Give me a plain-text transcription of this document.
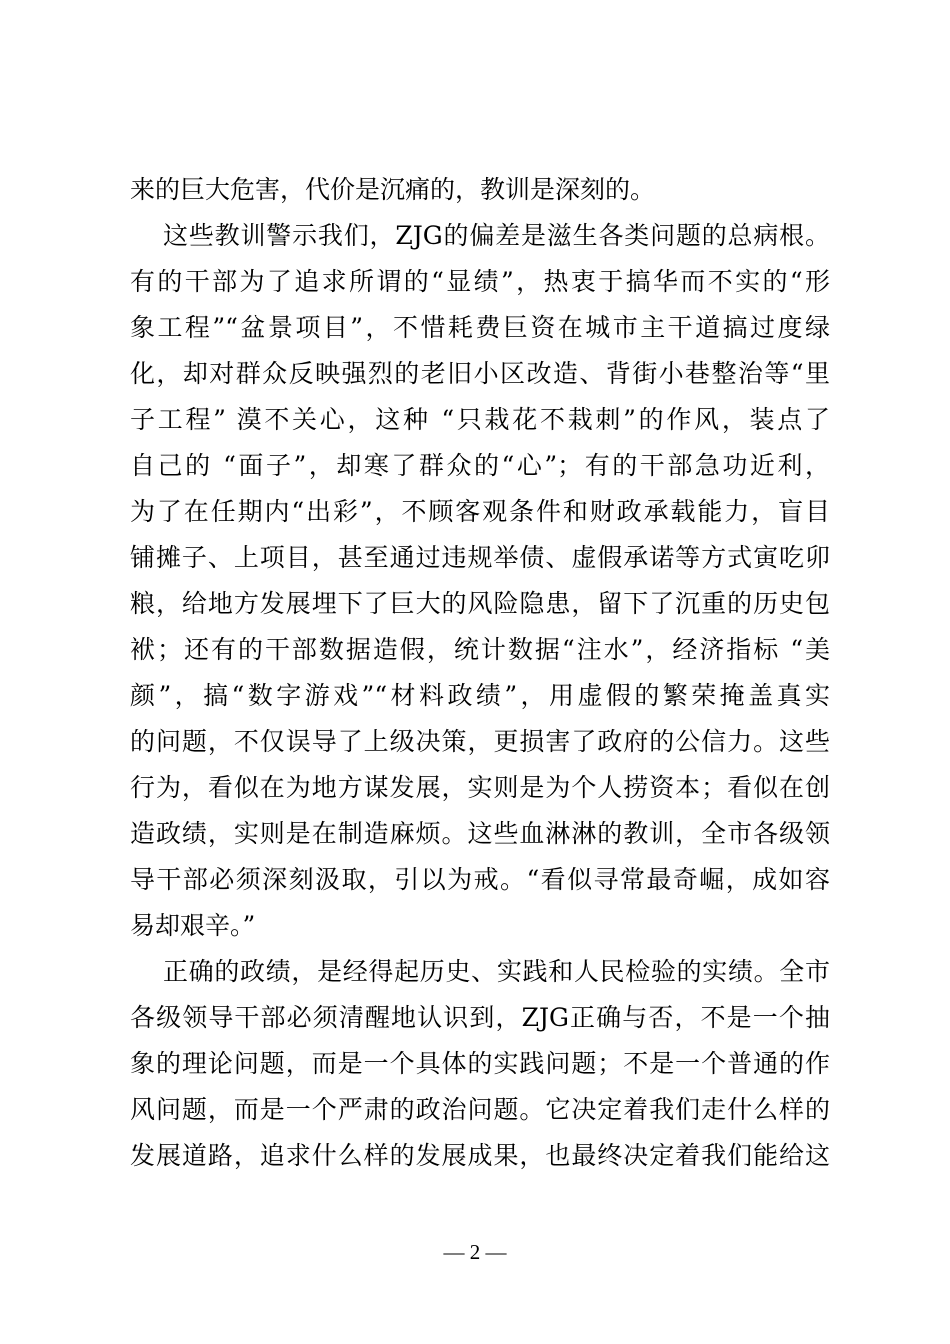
来的巨大危害，代价是沉痛的，教训是深刻的。
这些教训警示我们，ZJG的偏差是滋生各类问题的总病根。
有的干部为了追求所谓的“显绩”，热衷于搞华而不实的“形
象工程”“盆景项目”，不惜耗费巨资在城市主干道搞过度绿
化，却对群众反映强烈的老旧小区改造、背街小巷整治等“里
子工程” 漠不关心，这种 “只栽花不栽刺”的作风，装点了
自己的 “面子”，却寒了群众的“心”；有的干部急功近利，
为了在任期内“出彩”，不顾客观条件和财政承载能力，盲目
铺摊子、上项目，甚至通过违规举债、虚假承诺等方式寅吃卯
粮，给地方发展埋下了巨大的风险隐患，留下了沉重的历史包
袱；还有的干部数据造假，统计数据“注水”，经济指标 “美
颜”，搞“数字游戏”“材料政绩”，用虚假的繁荣掩盖真实
的问题，不仅误导了上级决策，更损害了政府的公信力。这些
行为，看似在为地方谋发展，实则是为个人捞资本；看似在创
造政绩，实则是在制造麻烦。这些血淋淋的教训，全市各级领
导干部必须深刻汲取，引以为戒。“看似寻常最奇崛，成如容
易却艰辛。”
正确的政绩，是经得起历史、实践和人民检验的实绩。全市
各级领导干部必须清醒地认识到，ZJG正确与否，不是一个抽
象的理论问题，而是一个具体的实践问题；不是一个普通的作
风问题，而是一个严肃的政治问题。它决定着我们走什么样的
发展道路，追求什么样的发展成果，也最终决定着我们能给这
— 2 —
